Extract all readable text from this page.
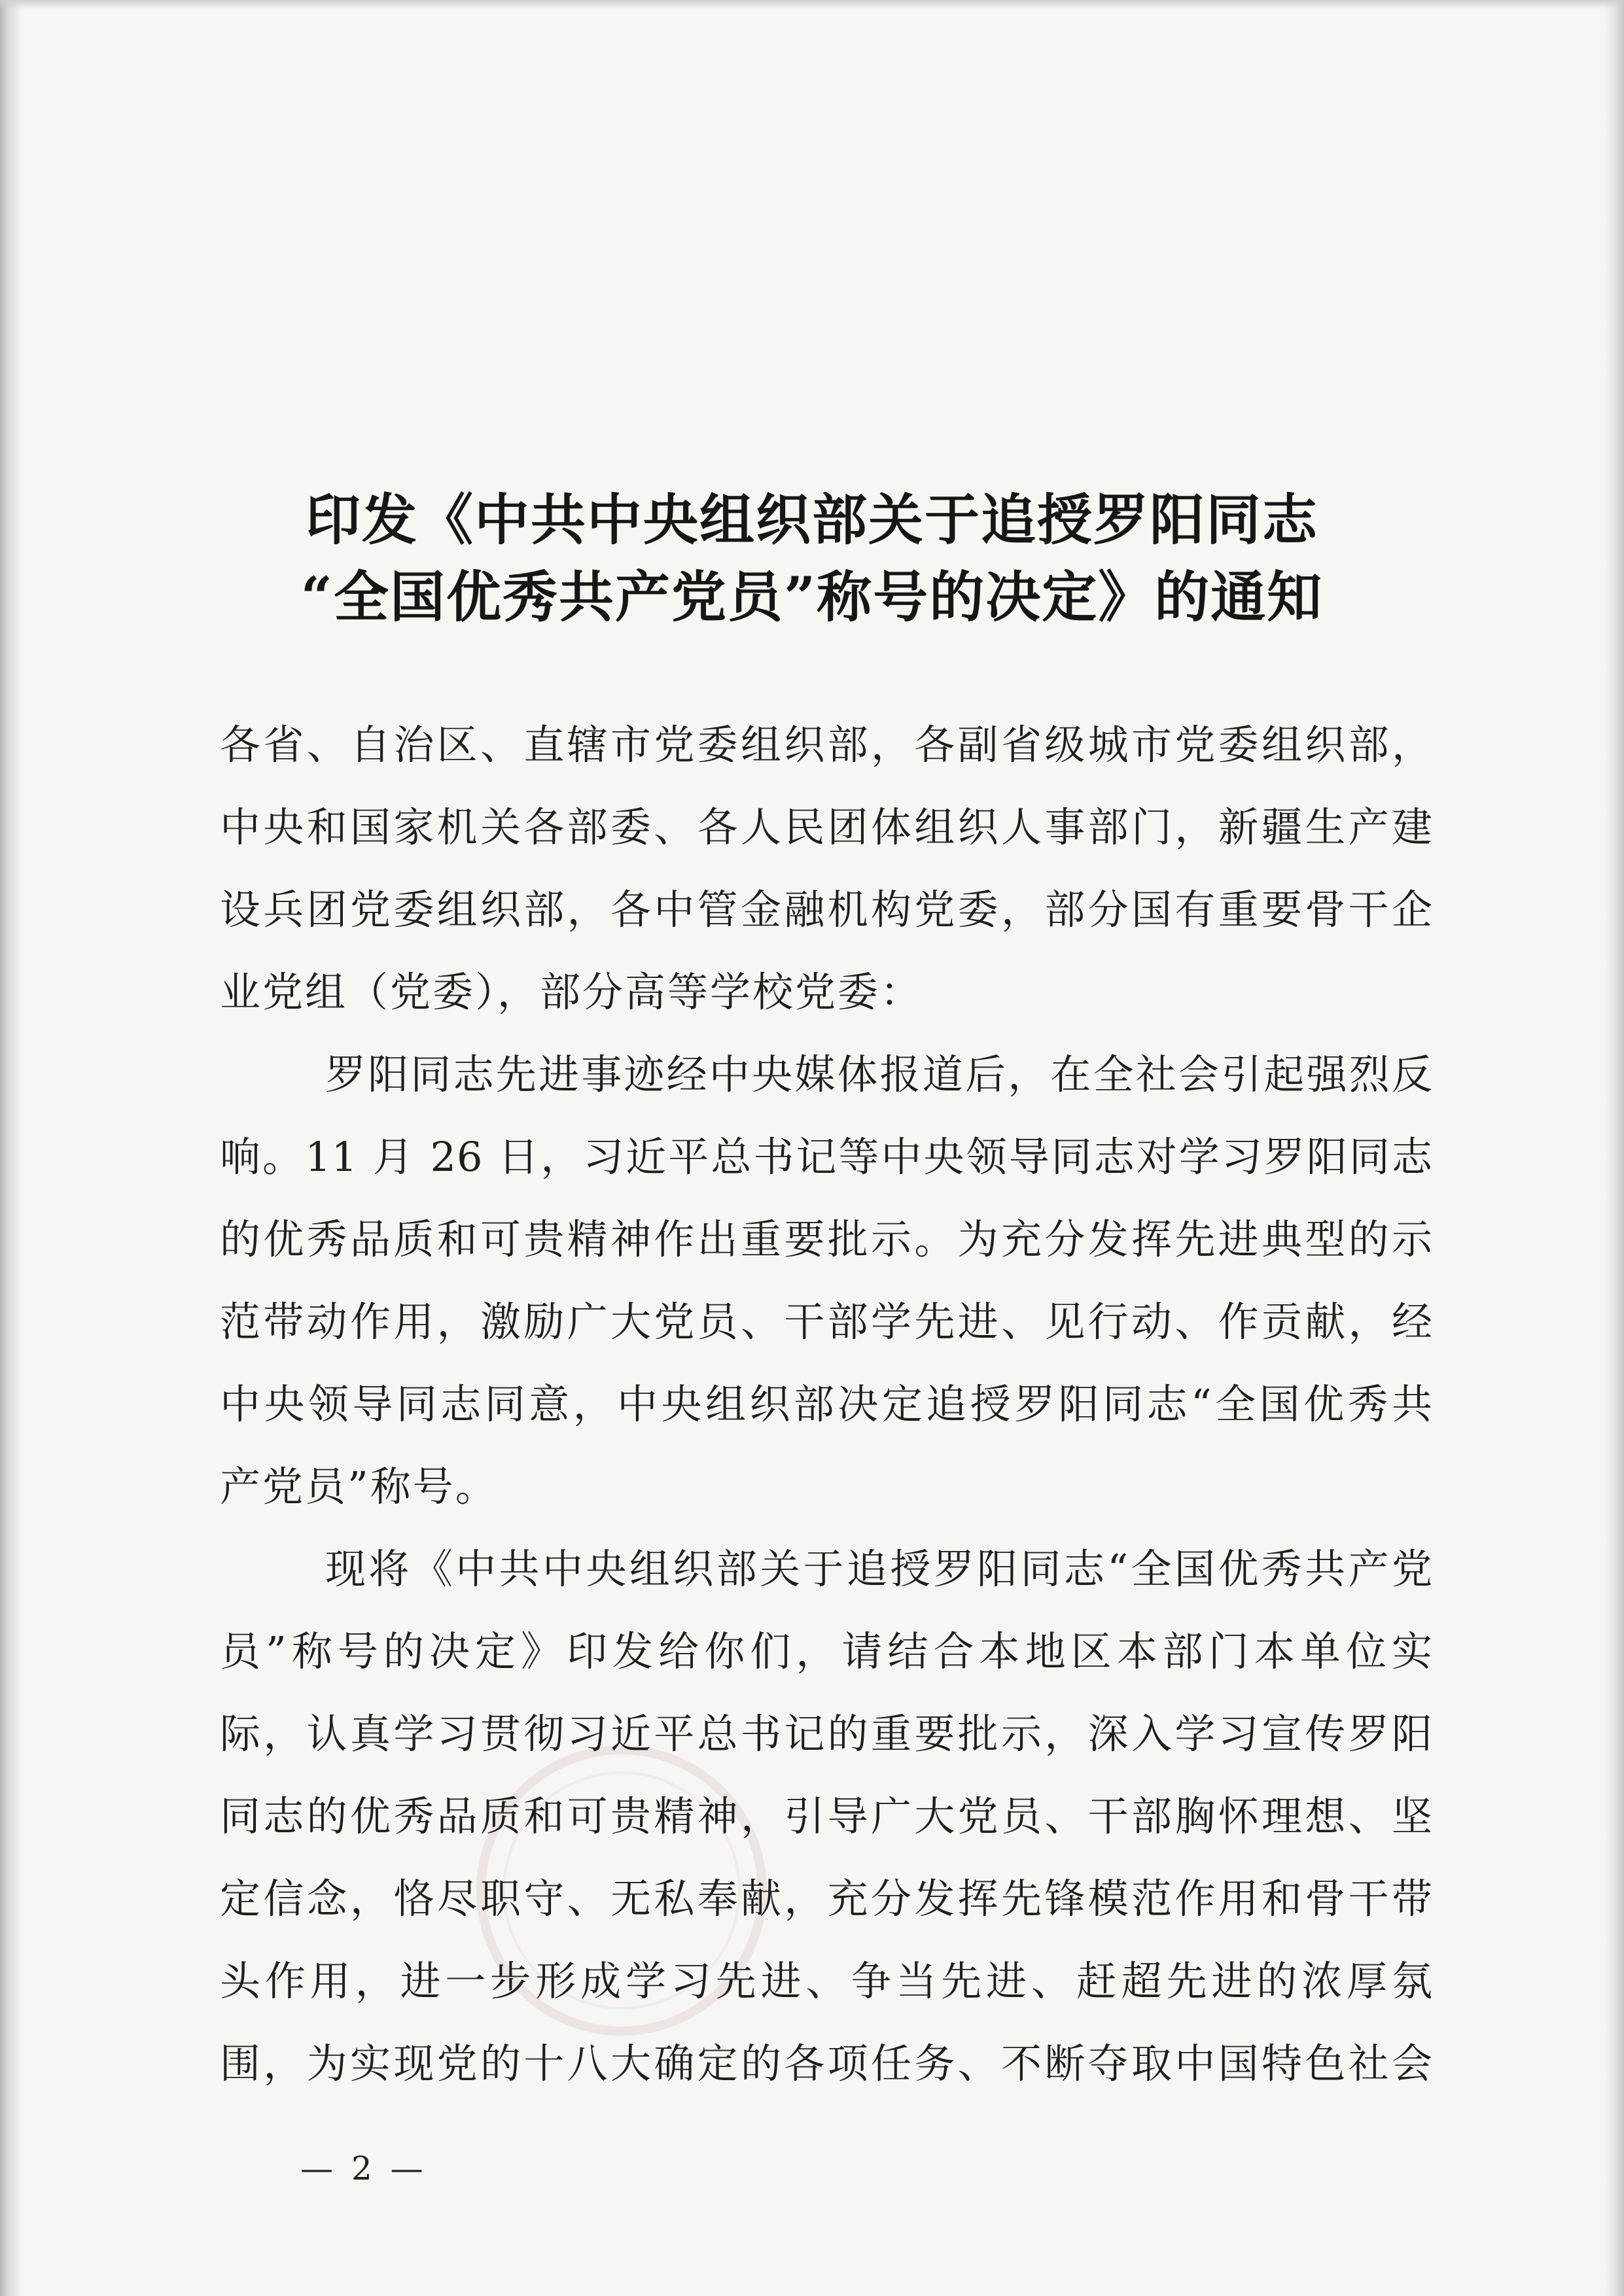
印发《中共中央组织部关于追授罗阳同志
“全国优秀共产党员”称号的决定》的通知
各省、自治区、直辖市党委组织部，各副省级城市党委组织部，
中央和国家机关各部委、各人民团体组织人事部门，新疆生产建
设兵团党委组织部，各中管金融机构党委，部分国有重要骨干企
业党组（党委），部分高等学校党委：
罗阳同志先进事迹经中央媒体报道后，在全社会引起强烈反
响。11 月 26 日，习近平总书记等中央领导同志对学习罗阳同志
的优秀品质和可贵精神作出重要批示。为充分发挥先进典型的示
范带动作用，激励广大党员、干部学先进、见行动、作贡献，经
中央领导同志同意，中央组织部决定追授罗阳同志“全国优秀共
产党员”称号。
现将《中共中央组织部关于追授罗阳同志“全国优秀共产党
员”称号的决定》印发给你们，请结合本地区本部门本单位实
际，认真学习贯彻习近平总书记的重要批示，深入学习宣传罗阳
同志的优秀品质和可贵精神，引导广大党员、干部胸怀理想、坚
定信念，恪尽职守、无私奉献，充分发挥先锋模范作用和骨干带
头作用，进一步形成学习先进、争当先进、赶超先进的浓厚氛
围，为实现党的十八大确定的各项任务、不断夺取中国特色社会
— 2 —
